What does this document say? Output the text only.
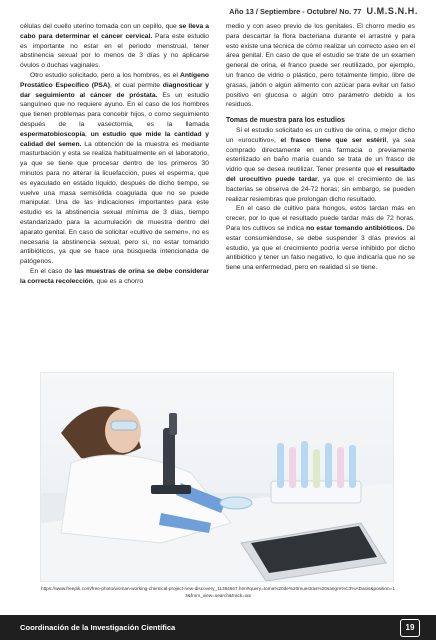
Año 13 / Septiembre - Octubre/ No. 77 U.M.S.N.H.

células del cuello uterino tomada con un cepillo, que se lleva a cabo para determinar el cáncer cervical. Para este estudio es importante no estar en el periodo menstrual, tener abstinencia sexual por lo menos de 3 días y no aplicarse óvulos o duchas vaginales.

Otro estudio solicitado, pero a los hombres, es el Antígeno Prostático Específico (PSA), el cual permite diagnosticar y dar seguimiento al cáncer de próstata. Es un estudio sanguíneo que no requiere ayuno. En el caso de los hombres que tienen problemas para concebir hijos, o como seguimiento después de la vasectomía, es la llamada espermatobioscopía, un estudio que mide la cantidad y calidad del semen. La obtención de la muestra es mediante masturbación y esta se realiza habitualmente en el laboratorio, ya que se tiene que procesar dentro de los primeros 30 minutos para no alterar la licuefacción, pues el esperma, que es eyaculado en estado líquido, después de dicho tiempo, se vuelve una masa semisólida coagulada que no se puede manipular. Una de las indicaciones importantes para este estudio es la abstinencia sexual mínima de 3 días, tiempo estandarizado para la acumulación de muestra dentro del aparato genital. En caso de solicitar «cultivo de semen», no es necesaria la abstinencia sexual, pero sí, no estar tomando antibióticos, ya que se hace una búsqueda intencionada de patógenos.

En el caso de las muestras de orina se debe considerar la correcta recolección, que es a chorro

medio y con aseo previo de los genitales. El chorro medio es para descartar la flora bacteriana durante el arrastre y para esto existe una técnica de cómo realizar un correcto aseo en el área genital. En caso de que el estudio se trate de un examen general de orina, el franco puede ser reutilizado, por ejemplo, un franco de vidrio o plástico, pero totalmente limpio, libre de grasas, jabón o algún alimento con azúcar para evitar un falso positivo en glucosa o algún otro parámetro debido a los residuos.

Tomas de muestra para los estudios

Si el estudio solicitado es un cultivo de orina, o mejor dicho un «urocultivo», el frasco tiene que ser estéril, ya sea comprado directamente en una farmacia o previamente esterilizado en baño maría cuando se trata de un frasco de vidrio que se desea reutilizar. Tener presente que el resultado del urocultivo puede tardar, ya que el crecimiento de las bacterias se observa de 24-72 horas; sin embargo, se pueden realizar resiembras que prolongan dicho resultado.

En el caso de cultivo para hongos, estos tardan más en crecer, por lo que el resultado puede tardar más de 72 horas. Para los cultivos se indica no estar tomando antibióticos. De estar consumiéndose, se debe suspender 3 días previos al estudio, ya que el crecimiento podría verse inhibido por dicho antibiótico y tener un falso negativo, lo que indicaría que no se tiene una enfermedad, pero en realidad sí se tiene.

https://www.freepik.com/free-photo/woman-working-chemical-project-new-discovery_11384667.htm#query=toma%20de%20muestras%20sangre%C3%ADasis&position=13&from_view=search&track=ais
Coordinación de la Investigación Científica	19
